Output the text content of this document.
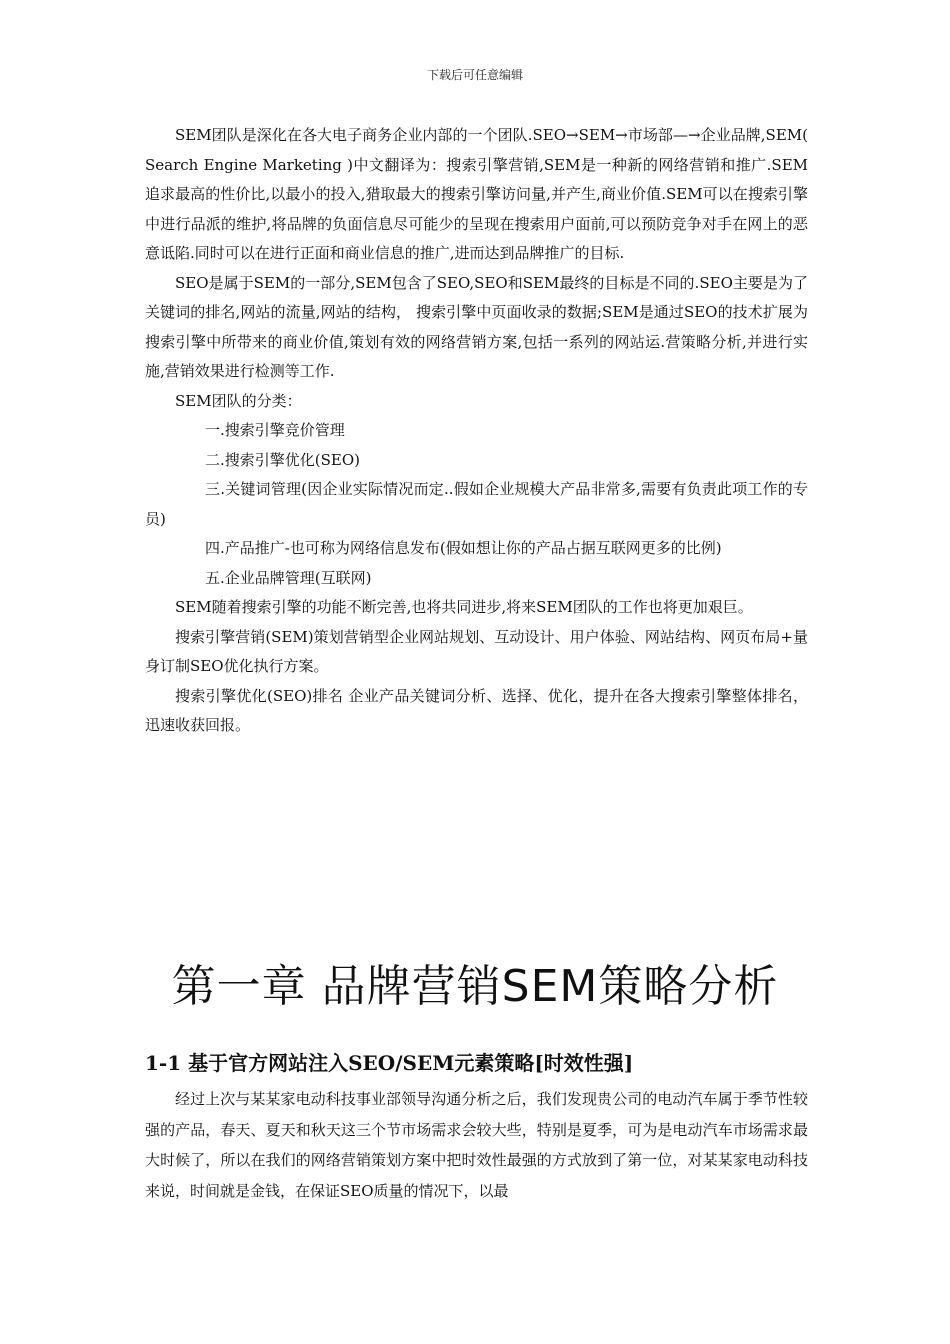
下载后可任意编辑

SEM团队是深化在各大电子商务企业内部的一个团队.SEO→SEM→市场部—→企业品牌,SEM( Search Engine Marketing )中文翻译为：搜索引擎营销,SEM是一种新的网络营销和推广.SEM追求最高的性价比,以最小的投入,猎取最大的搜索引擎访问量,并产生,商业价值.SEM可以在搜索引擎中进行品派的维护,将品牌的负面信息尽可能少的呈现在搜索用户面前,可以预防竞争对手在网上的恶意诋陷.同时可以在进行正面和商业信息的推广,进而达到品牌推广的目标.

SEO是属于SEM的一部分,SEM包含了SEO,SEO和SEM最终的目标是不同的.SEO主要是为了关键词的排名,网站的流量,网站的结构， 搜索引擎中页面收录的数据;SEM是通过SEO的技术扩展为搜索引擎中所带来的商业价值,策划有效的网络营销方案,包括一系列的网站运.营策略分析,并进行实施,营销效果进行检测等工作.

SEM团队的分类：

一.搜索引擎竞价管理

二.搜索引擎优化(SEO)

三.关键词管理(因企业实际情况而定..假如企业规模大产品非常多,需要有负责此项工作的专员)

四.产品推广-也可称为网络信息发布(假如想让你的产品占据互联网更多的比例)

五.企业品牌管理(互联网)

SEM随着搜索引擎的功能不断完善,也将共同进步,将来SEM团队的工作也将更加艰巨。

搜索引擎营销(SEM)策划营销型企业网站规划、互动设计、用户体验、网站结构、网页布局+量身订制SEO优化执行方案。

搜索引擎优化(SEO)排名 企业产品关键词分析、选择、优化，提升在各大搜索引擎整体排名，迅速收获回报。

第一章 品牌营销SEM策略分析
1-1 基于官方网站注入SEO/SEM元素策略[时效性强]

经过上次与某某家电动科技事业部领导沟通分析之后，我们发现贵公司的电动汽车属于季节性较强的产品，春天、夏天和秋天这三个节市场需求会较大些，特别是夏季，可为是电动汽车市场需求最大时候了，所以在我们的网络营销策划方案中把时效性最强的方式放到了第一位，对某某家电动科技来说，时间就是金钱，在保证SEO质量的情况下，以最
